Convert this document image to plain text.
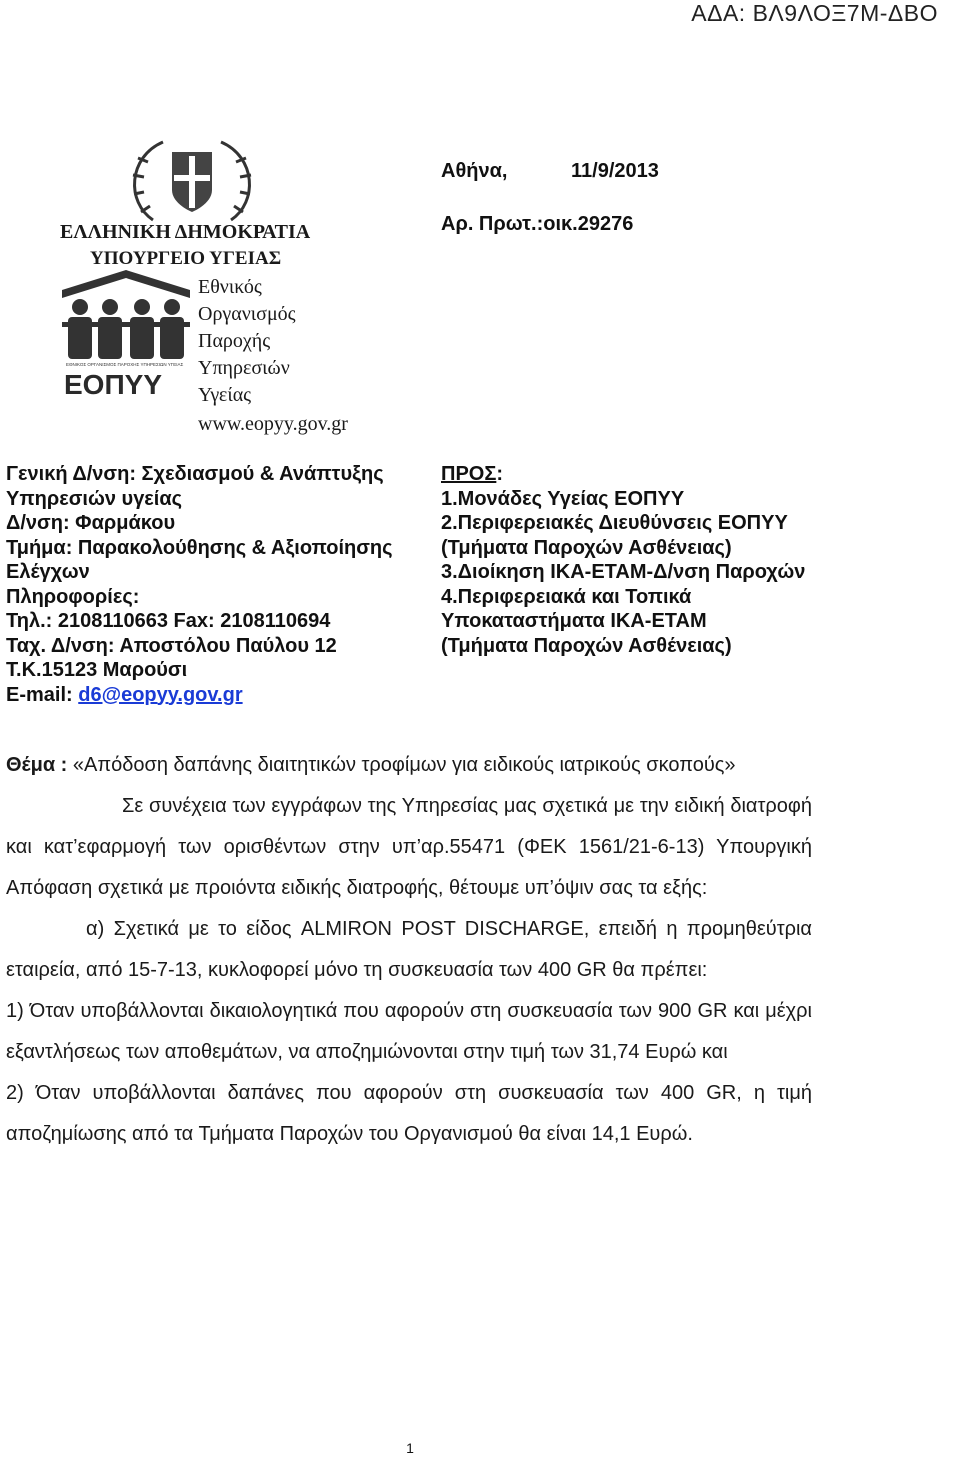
ΑΔΑ: ΒΛ9ΛΟΞ7Μ-ΔΒΟ
ΕΛΛΗΝΙΚΗ ΔΗΜΟΚΡΑΤΙΑ
ΥΠΟΥΡΓΕΙΟ ΥΓΕΙΑΣ
ΕΘΝΙΚΟΣ ΟΡΓΑΝΙΣΜΟΣ ΠΑΡΟΧΗΣ ΥΠΗΡΕΣΙΩΝ ΥΓΕΙΑΣ
ΕΟΠΥΥ
Εθνικός
Οργανισμός
Παροχής
Υπηρεσιών
Υγείας
www.eopyy.gov.gr
Αθήνα,	11/9/2013
Αρ. Πρωτ.:οικ.29276
Γενική Δ/νση: Σχεδιασμού & Ανάπτυξης
Υπηρεσιών υγείας
Δ/νση: Φαρμάκου
Τμήμα: Παρακολούθησης & Αξιοποίησης
Ελέγχων
Πληροφορίες:
Τηλ.: 2108110663 Fax: 2108110694
Ταχ. Δ/νση: Αποστόλου Παύλου 12
Τ.Κ.15123 Μαρούσι
E-mail: d6@eopyy.gov.gr
ΠΡΟΣ:
1.Μονάδες Υγείας ΕΟΠΥΥ
2.Περιφερειακές Διευθύνσεις ΕΟΠΥΥ
(Τμήματα Παροχών Ασθένειας)
3.Διοίκηση ΙΚΑ-ΕΤΑΜ-Δ/νση Παροχών
4.Περιφερειακά και Τοπικά
Υποκαταστήματα ΙΚΑ-ΕΤΑΜ
(Τμήματα Παροχών Ασθένειας)

Θέμα : «Απόδοση δαπάνης διαιτητικών τροφίμων για ειδικούς ιατρικούς σκοπούς»

Σε συνέχεια των εγγράφων της Υπηρεσίας μας σχετικά με την ειδική διατροφή και κατ’εφαρμογή των ορισθέντων στην υπ’αρ.55471 (ΦΕΚ 1561/21-6-13) Υπουργική Απόφαση σχετικά με προιόντα ειδικής διατροφής, θέτουμε υπ’όψιν σας τα εξής:

α) Σχετικά με το είδος ALMIRON POST DISCHARGE, επειδή η προμηθεύτρια εταιρεία, από 15-7-13, κυκλοφορεί μόνο τη συσκευασία των 400 GR θα πρέπει:

1) Όταν υποβάλλονται δικαιολογητικά που αφορούν στη συσκευασία των 900 GR και μέχρι εξαντλήσεως των αποθεμάτων, να αποζημιώνονται στην τιμή των 31,74 Ευρώ και

2) Όταν υποβάλλονται δαπάνες που αφορούν στη συσκευασία των 400 GR, η τιμή αποζημίωσης από τα Τμήματα Παροχών του Οργανισμού θα είναι 14,1 Ευρώ.

1
